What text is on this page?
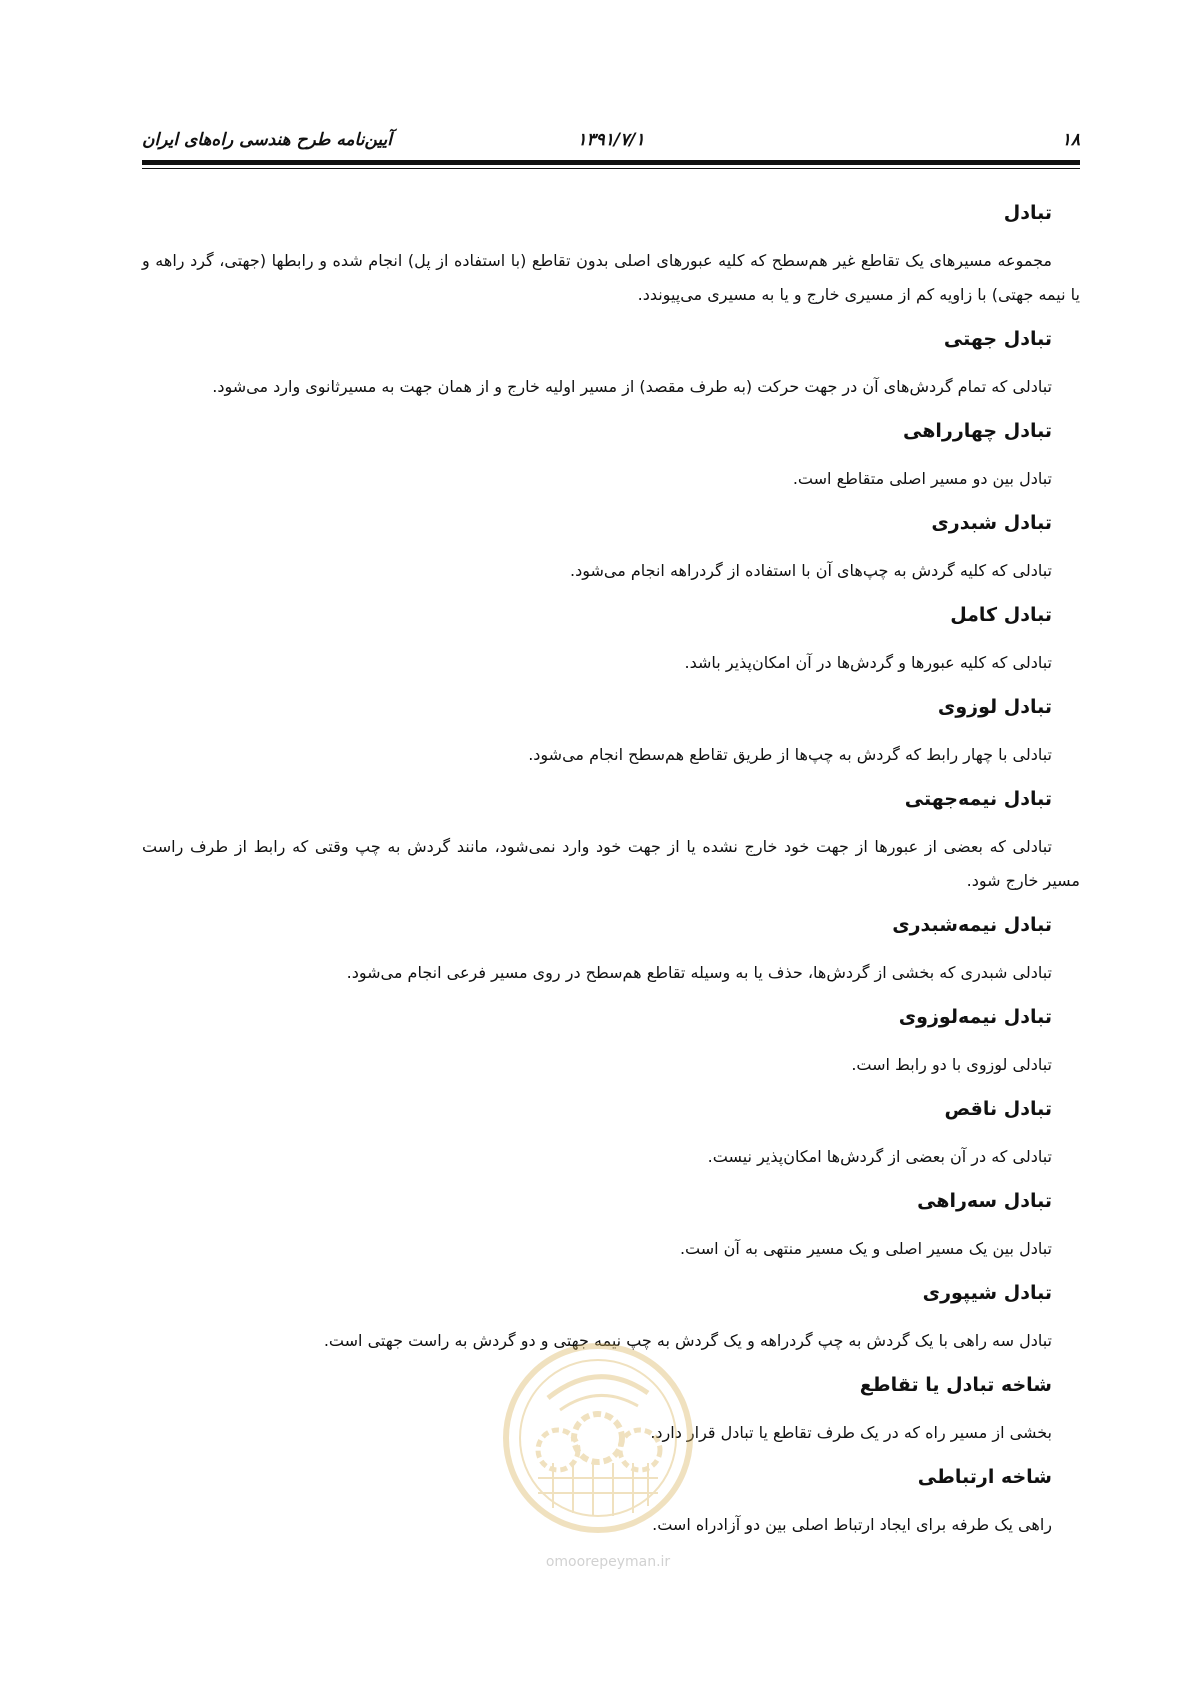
۱۸
۱۳۹۱/۷/۱
آیین‌نامه طرح هندسی راه‌های ایران
تبادل
مجموعه مسیرهای یک تقاطع غیر هم‌سطح که کلیه عبورهای اصلی بدون تقاطع (با استفاده از پل) انجام شده و رابطها (جهتی، گرد راهه و یا نیمه جهتی) با زاویه کم از مسیری خارج و یا به مسیری می‌پیوندد.
تبادل جهتی
تبادلی که تمام گردش‌های آن در جهت حرکت (به طرف مقصد) از مسیر اولیه خارج و از همان جهت به مسیرثانوی وارد می‌شود.
تبادل چهارراهی
تبادل بین دو مسیر اصلی متقاطع است.
تبادل شبدری
تبادلی که کلیه گردش به چپ‌های آن با استفاده از گردراهه انجام می‌شود.
تبادل کامل
تبادلی که کلیه عبورها و گردش‌ها در آن امکان‌پذیر باشد.
تبادل لوزوی
تبادلی با چهار رابط که گردش به چپ‌ها از طریق تقاطع هم‌سطح انجام می‌شود.
تبادل نیمه‌جهتی
تبادلی که بعضی از عبورها از جهت خود خارج نشده یا از جهت خود وارد نمی‌شود، مانند گردش به چپ وقتی که رابط از طرف راست مسیر خارج شود.
تبادل نیمه‌شبدری
تبادلی شبدری که بخشی از گردش‌ها، حذف یا به وسیله تقاطع هم‌سطح در روی مسیر فرعی انجام می‌شود.
تبادل نیمه‌لوزوی
تبادلی لوزوی با دو رابط است.
تبادل ناقص
تبادلی که در آن بعضی از گردش‌ها امکان‌پذیر نیست.
تبادل سه‌راهی
تبادل بین یک مسیر اصلی و یک مسیر منتهی به آن است.
تبادل شیپوری
تبادل سه راهی با یک گردش به چپ گردراهه و یک گردش به چپ نیمه جهتی و دو گردش به راست جهتی است.
شاخه تبادل یا تقاطع
بخشی از مسیر راه که در یک طرف تقاطع یا تبادل قرار دارد.
شاخه ارتباطی
راهی یک طرفه برای ایجاد ارتباط اصلی بین دو آزادراه است.
omoorepeyman.ir
